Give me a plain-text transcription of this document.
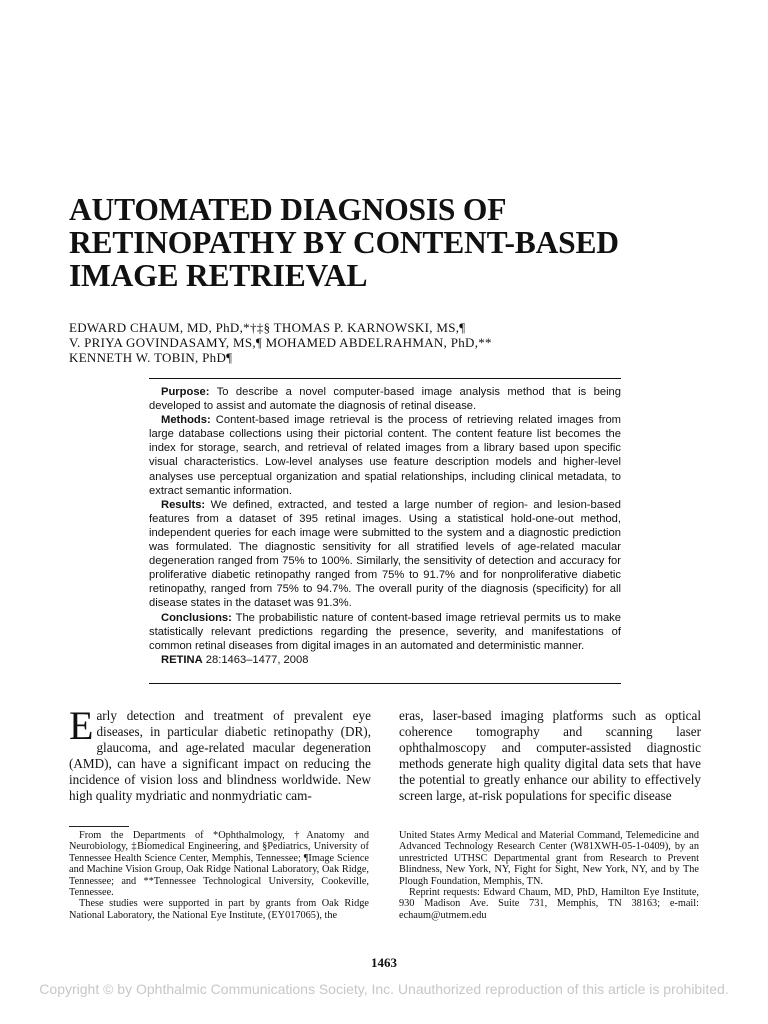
AUTOMATED DIAGNOSIS OF
RETINOPATHY BY CONTENT-BASED
IMAGE RETRIEVAL
EDWARD CHAUM, MD, PhD,*†‡§ THOMAS P. KARNOWSKI, MS,¶
V. PRIYA GOVINDASAMY, MS,¶ MOHAMED ABDELRAHMAN, PhD,**
KENNETH W. TOBIN, PhD¶

Purpose: To describe a novel computer-based image analysis method that is being developed to assist and automate the diagnosis of retinal disease.

Methods: Content-based image retrieval is the process of retrieving related images from large database collections using their pictorial content. The content feature list becomes the index for storage, search, and retrieval of related images from a library based upon specific visual characteristics. Low-level analyses use feature description models and higher-level analyses use perceptual organization and spatial relationships, including clinical metadata, to extract semantic information.

Results: We defined, extracted, and tested a large number of region- and lesion-based features from a dataset of 395 retinal images. Using a statistical hold-one-out method, independent queries for each image were submitted to the system and a diagnostic prediction was formulated. The diagnostic sensitivity for all stratified levels of age-related macular degeneration ranged from 75% to 100%. Similarly, the sensitivity of detection and accuracy for proliferative diabetic retinopathy ranged from 75% to 91.7% and for nonproliferative diabetic retinopathy, ranged from 75% to 94.7%. The overall purity of the diagnosis (specificity) for all disease states in the dataset was 91.3%.

Conclusions: The probabilistic nature of content-based image retrieval permits us to make statistically relevant predictions regarding the presence, severity, and manifestations of common retinal diseases from digital images in an automated and deterministic manner.

RETINA 28:1463–1477, 2008

Early detection and treatment of prevalent eye diseases, in particular diabetic retinopathy (DR), glaucoma, and age-related macular degeneration (AMD), can have a significant impact on reducing the incidence of vision loss and blindness worldwide. New high quality mydriatic and nonmydriatic cam-

eras, laser-based imaging platforms such as optical coherence tomography and scanning laser ophthalmoscopy and computer-assisted diagnostic methods generate high quality digital data sets that have the potential to greatly enhance our ability to effectively screen large, at-risk populations for specific disease

From the Departments of *Ophthalmology, †Anatomy and Neurobiology, ‡Biomedical Engineering, and §Pediatrics, University of Tennessee Health Science Center, Memphis, Tennessee; ¶Image Science and Machine Vision Group, Oak Ridge National Laboratory, Oak Ridge, Tennessee; and **Tennessee Technological University, Cookeville, Tennessee.

These studies were supported in part by grants from Oak Ridge National Laboratory, the National Eye Institute, (EY017065), the

United States Army Medical and Material Command, Telemedicine and Advanced Technology Research Center (W81XWH-05-1-0409), by an unrestricted UTHSC Departmental grant from Research to Prevent Blindness, New York, NY, Fight for Sight, New York, NY, and by The Plough Foundation, Memphis, TN.

Reprint requests: Edward Chaum, MD, PhD, Hamilton Eye Institute, 930 Madison Ave. Suite 731, Memphis, TN 38163; e-mail: echaum@utmem.edu

1463
Copyright © by Ophthalmic Communications Society, Inc. Unauthorized reproduction of this article is prohibited.
